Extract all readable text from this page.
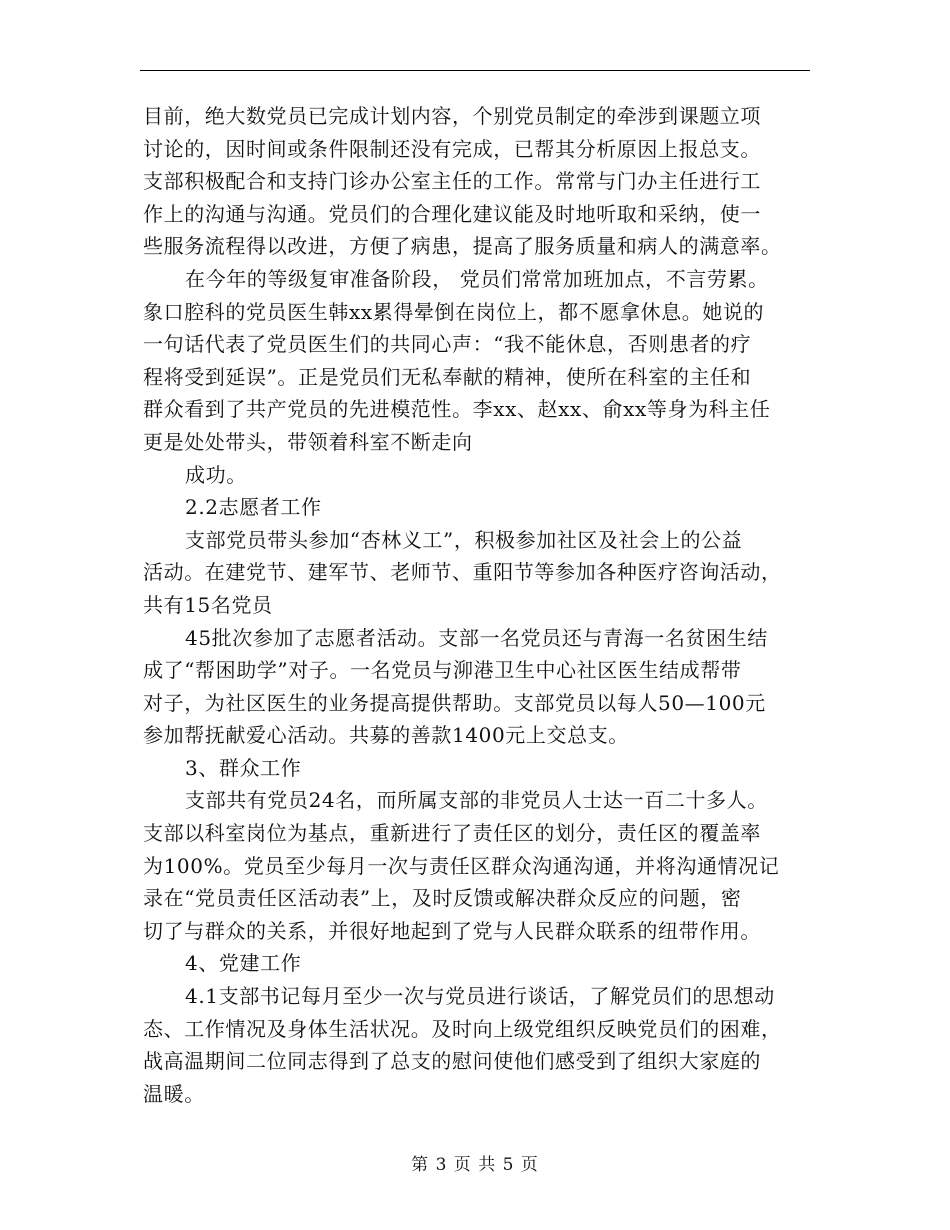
目前，绝大数党员已完成计划内容，个别党员制定的牵涉到课题立项
讨论的，因时间或条件限制还没有完成，已帮其分析原因上报总支。
支部积极配合和支持门诊办公室主任的工作。常常与门办主任进行工
作上的沟通与沟通。党员们的合理化建议能及时地听取和采纳，使一
些服务流程得以改进，方便了病患，提高了服务质量和病人的满意率。
在今年的等级复审准备阶段， 党员们常常加班加点，不言劳累。
象口腔科的党员医生韩xx累得晕倒在岗位上，都不愿拿休息。她说的
一句话代表了党员医生们的共同心声：“我不能休息，否则患者的疗
程将受到延误”。正是党员们无私奉献的精神，使所在科室的主任和
群众看到了共产党员的先进模范性。李xx、赵xx、俞xx等身为科主任
更是处处带头，带领着科室不断走向
成功。
2.2志愿者工作
支部党员带头参加“杏林义工”，积极参加社区及社会上的公益
活动。在建党节、建军节、老师节、重阳节等参加各种医疗咨询活动，
共有15名党员
45批次参加了志愿者活动。支部一名党员还与青海一名贫困生结
成了“帮困助学”对子。一名党员与泖港卫生中心社区医生结成帮带
对子，为社区医生的业务提高提供帮助。支部党员以每人50—100元
参加帮抚献爱心活动。共募的善款1400元上交总支。
3、群众工作
支部共有党员24名，而所属支部的非党员人士达一百二十多人。
支部以科室岗位为基点，重新进行了责任区的划分，责任区的覆盖率
为100%。党员至少每月一次与责任区群众沟通沟通，并将沟通情况记
录在“党员责任区活动表”上，及时反馈或解决群众反应的问题，密
切了与群众的关系，并很好地起到了党与人民群众联系的纽带作用。
4、党建工作
4.1支部书记每月至少一次与党员进行谈话，了解党员们的思想动
态、工作情况及身体生活状况。及时向上级党组织反映党员们的困难，
战高温期间二位同志得到了总支的慰问使他们感受到了组织大家庭的
温暖。
第 3 页 共 5 页
